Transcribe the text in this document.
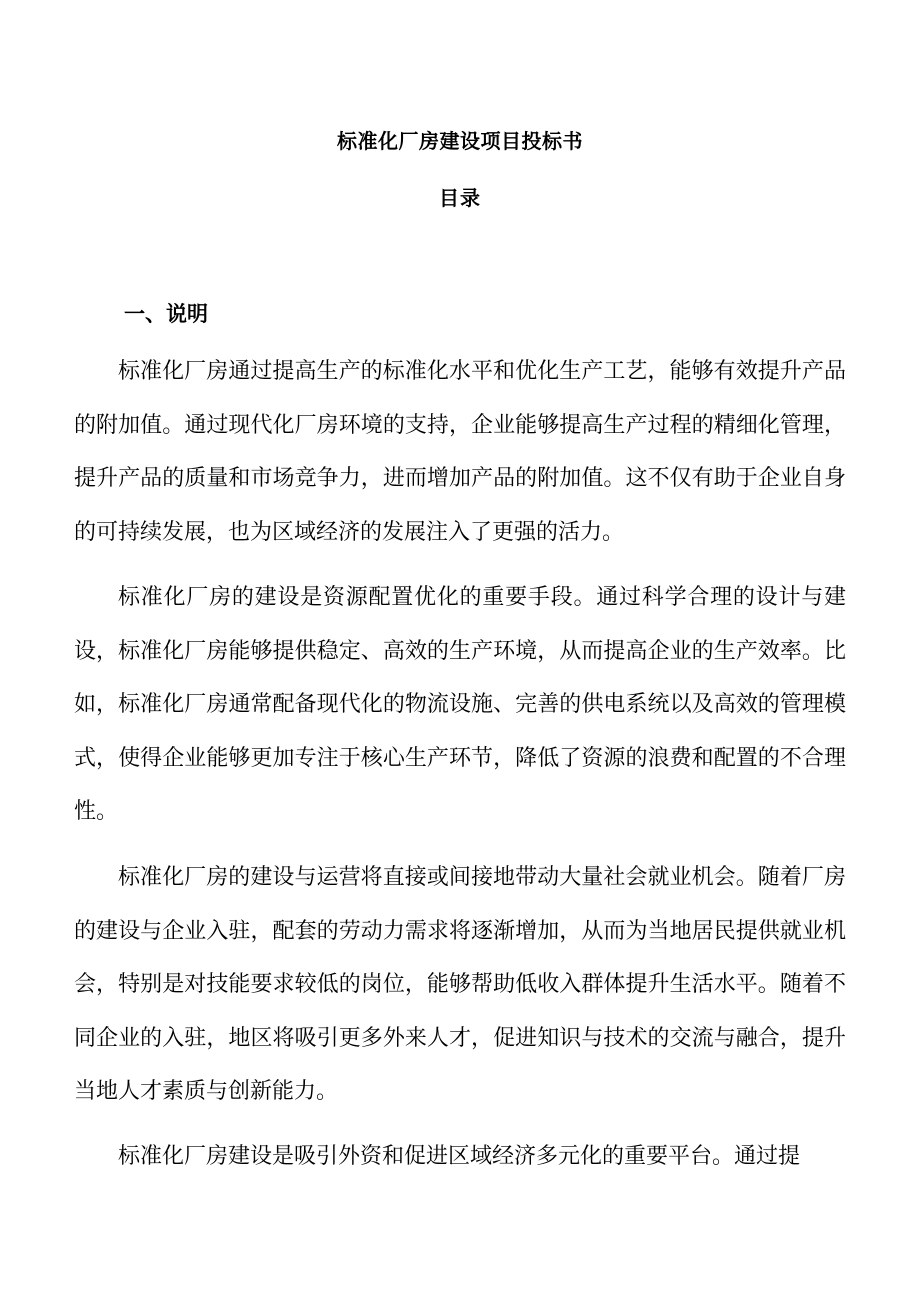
标准化厂房建设项目投标书
目录
一、说明

标准化厂房通过提高生产的标准化水平和优化生产工艺，能够有效提升产品的附加值。通过现代化厂房环境的支持，企业能够提高生产过程的精细化管理，提升产品的质量和市场竞争力，进而增加产品的附加值。这不仅有助于企业自身的可持续发展，也为区域经济的发展注入了更强的活力。

标准化厂房的建设是资源配置优化的重要手段。通过科学合理的设计与建设，标准化厂房能够提供稳定、高效的生产环境，从而提高企业的生产效率。比如，标准化厂房通常配备现代化的物流设施、完善的供电系统以及高效的管理模式，使得企业能够更加专注于核心生产环节，降低了资源的浪费和配置的不合理性。

标准化厂房的建设与运营将直接或间接地带动大量社会就业机会。随着厂房的建设与企业入驻，配套的劳动力需求将逐渐增加，从而为当地居民提供就业机会，特别是对技能要求较低的岗位，能够帮助低收入群体提升生活水平。随着不同企业的入驻，地区将吸引更多外来人才，促进知识与技术的交流与融合，提升当地人才素质与创新能力。

标准化厂房建设是吸引外资和促进区域经济多元化的重要平台。通过提
